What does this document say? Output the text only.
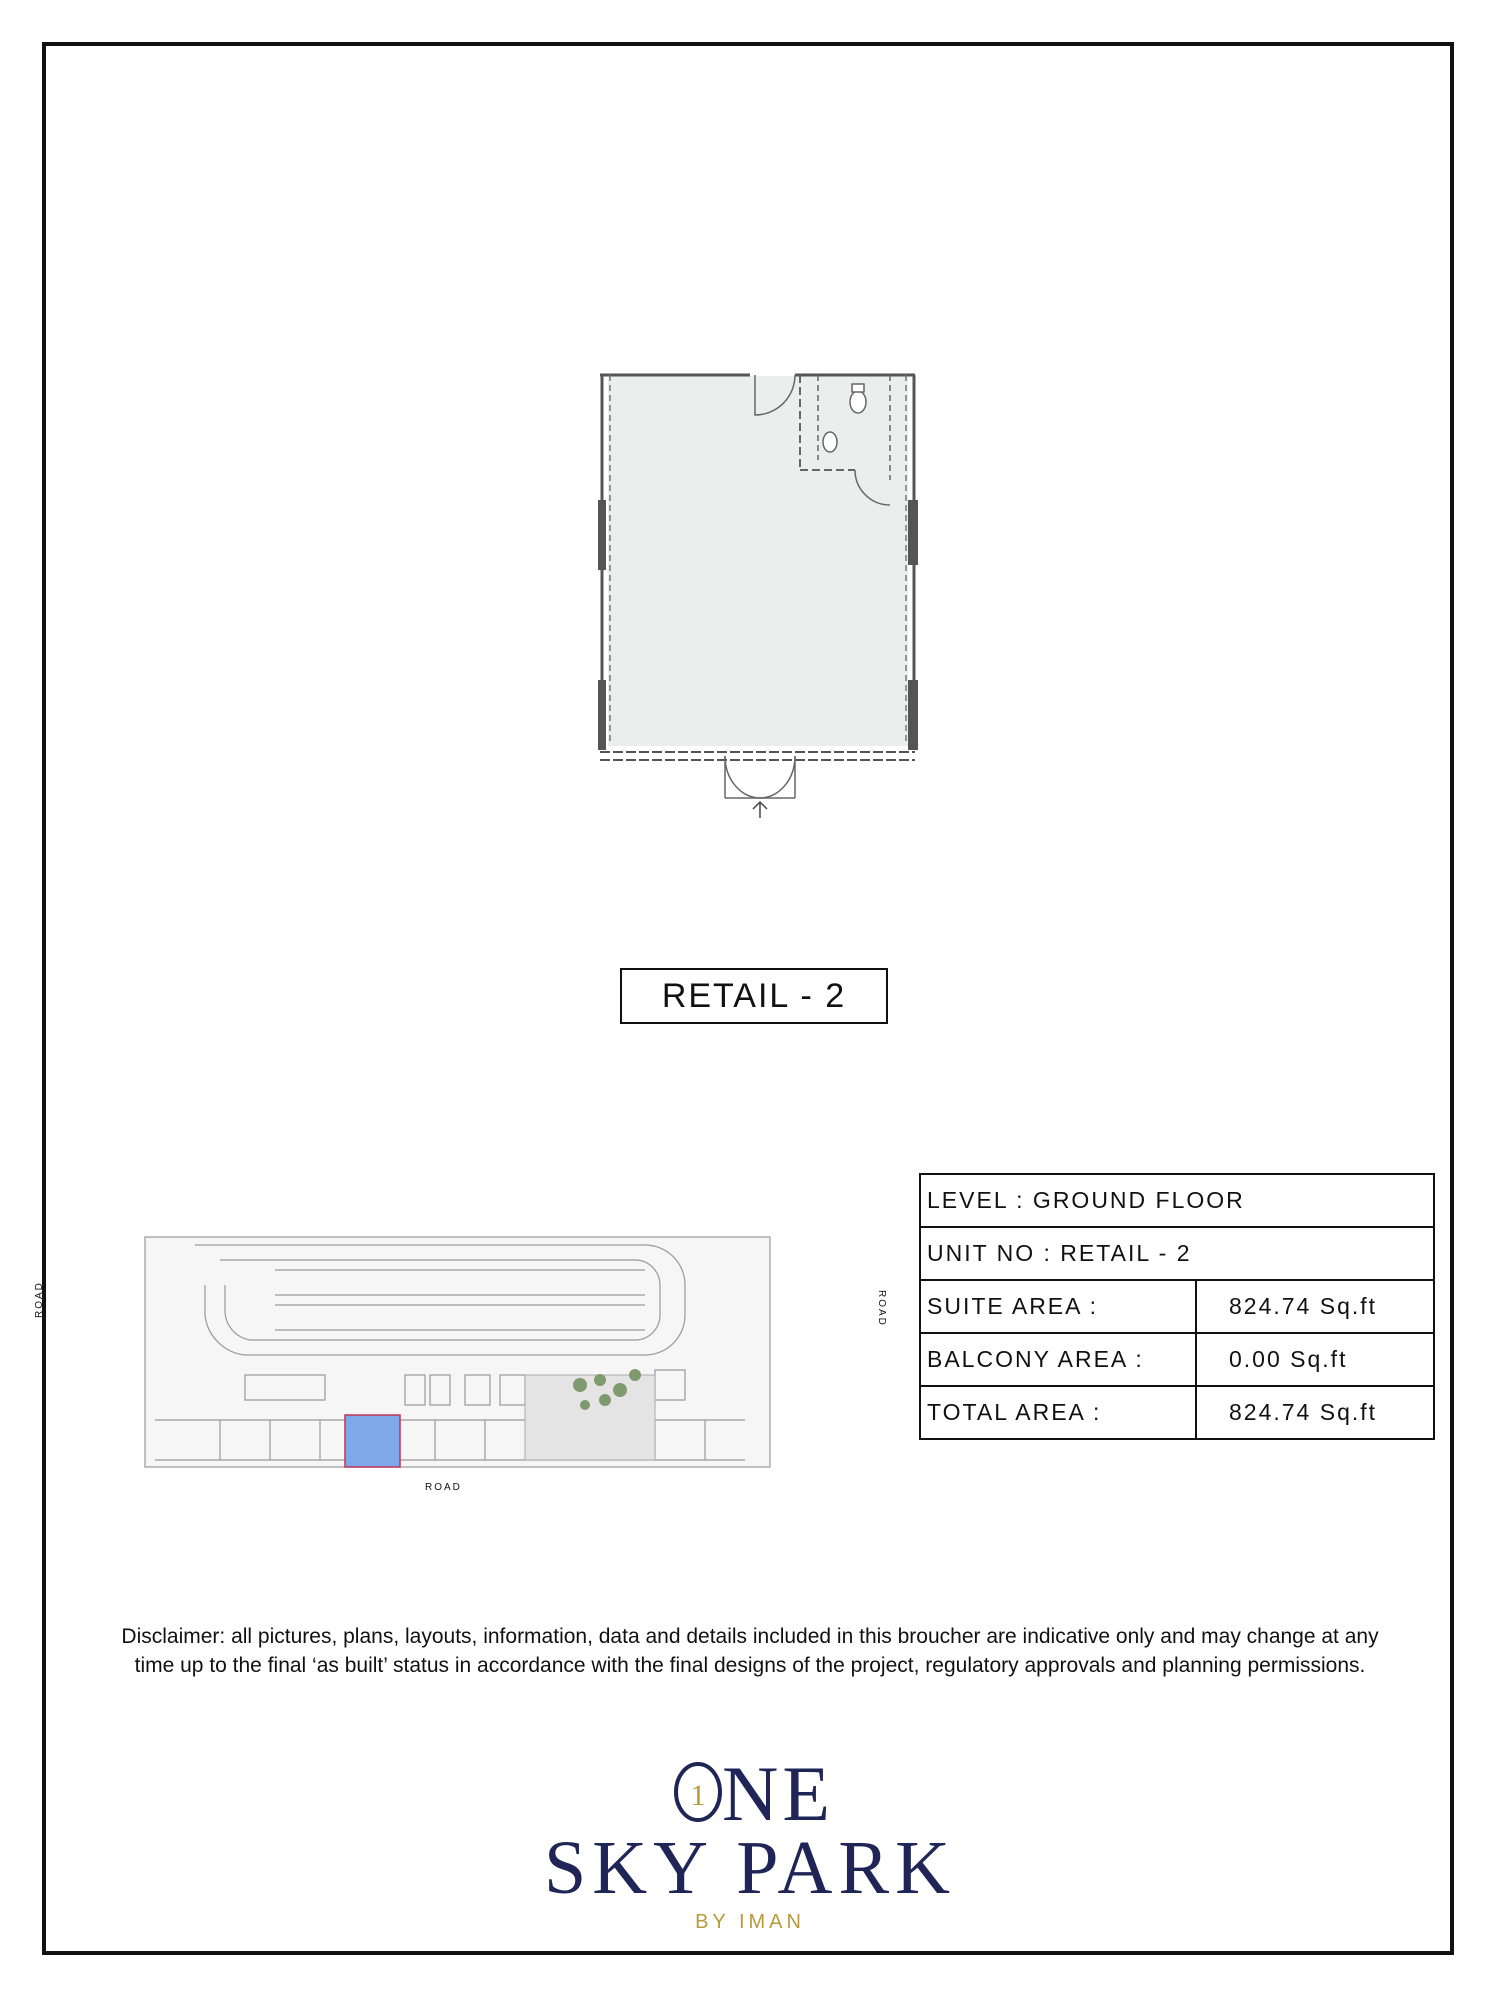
RETAIL - 2
ROAD	ROAD
ROAD
LEVEL : GROUND FLOOR	
UNIT NO : RETAIL - 2	
SUITE AREA :	824.74 Sq.ft
BALCONY AREA :	0.00 Sq.ft
TOTAL AREA :	824.74 Sq.ft
Disclaimer: all pictures, plans, layouts, information, data and details included in this broucher are indicative only and may change at any time up to the final ‘as built’ status in accordance with the final designs of the project, regulatory approvals and planning permissions.
1 NE
SKY PARK
BY IMAN
